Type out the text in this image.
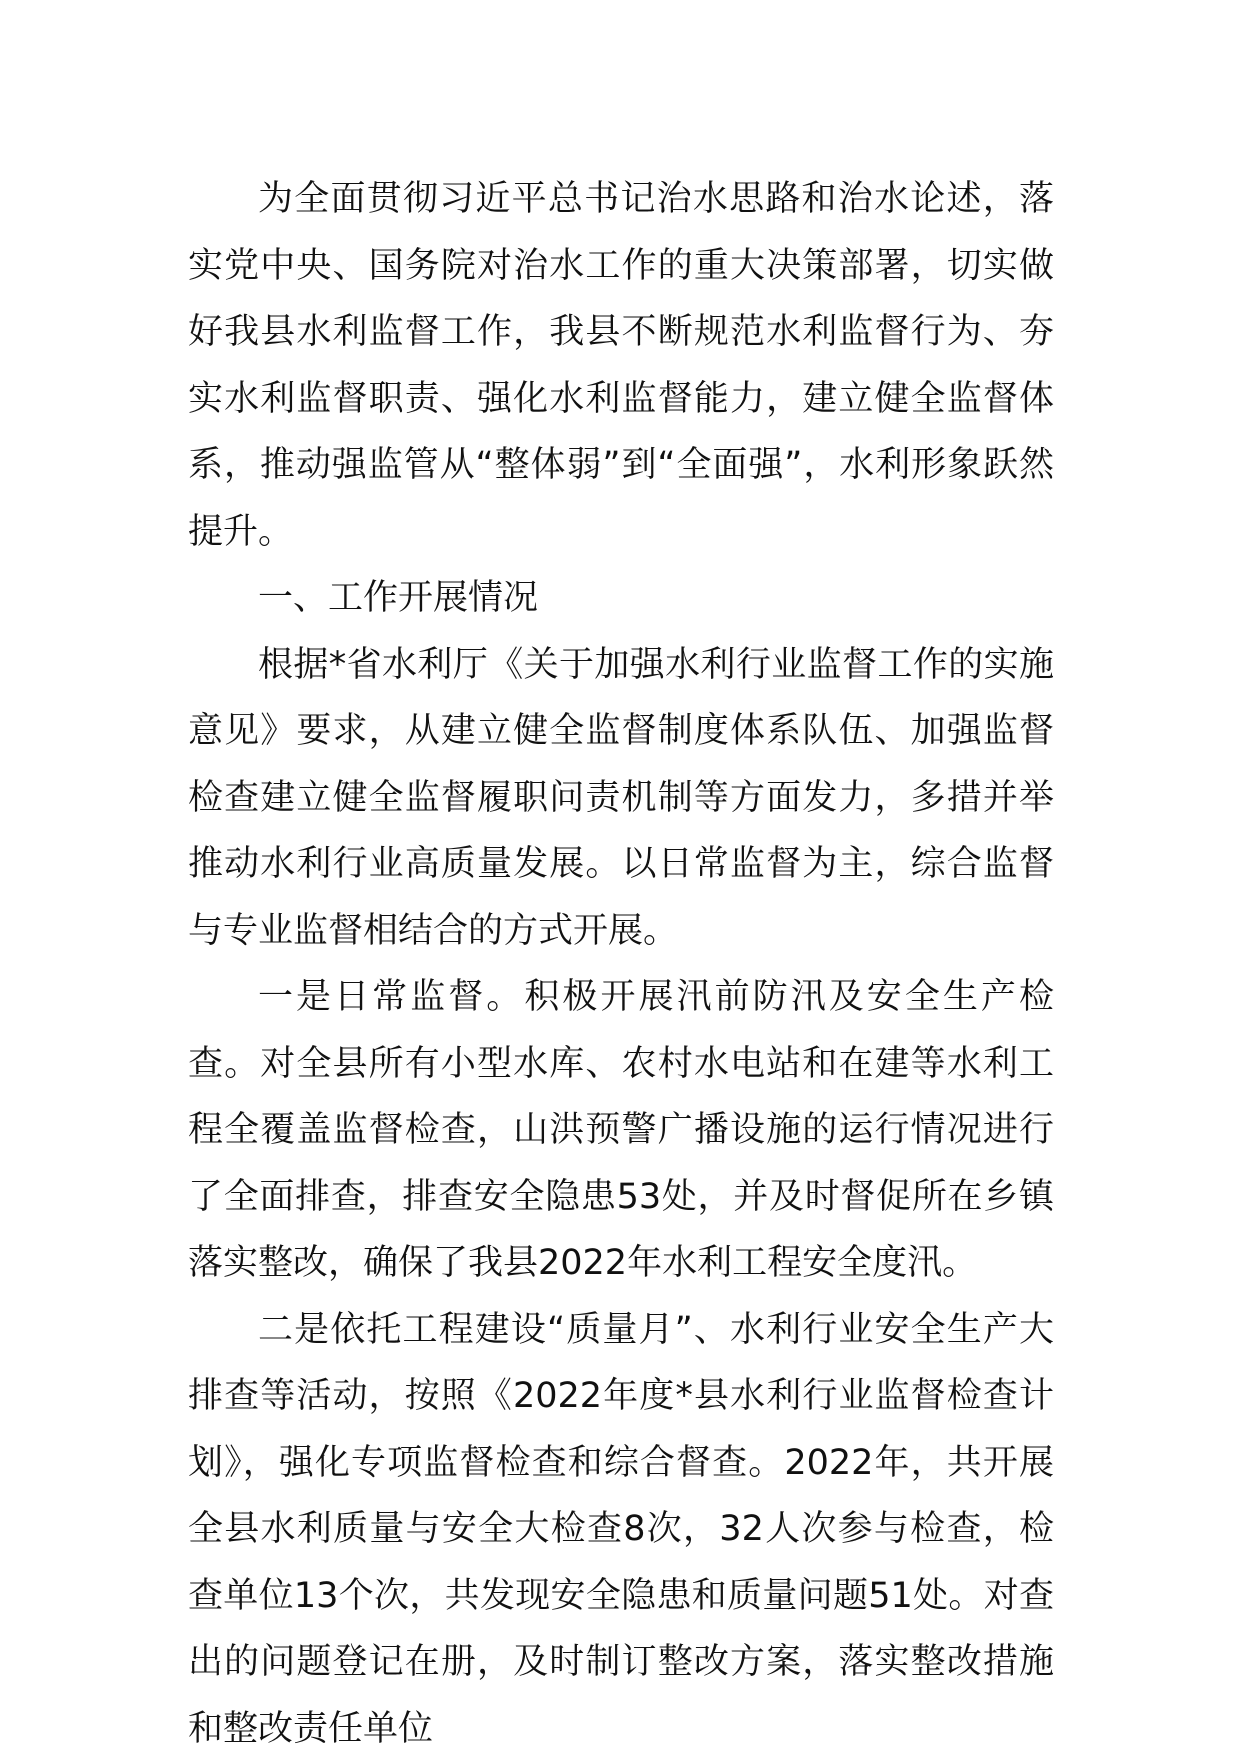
为全面贯彻习近平总书记治水思路和治水论述，落实党中央、国务院对治水工作的重大决策部署，切实做好我县水利监督工作，我县不断规范水利监督行为、夯实水利监督职责、强化水利监督能力，建立健全监督体系，推动强监管从“整体弱”到“全面强”，水利形象跃然提升。

一、工作开展情况

根据*省水利厅《关于加强水利行业监督工作的实施意见》要求，从建立健全监督制度体系队伍、加强监督检查建立健全监督履职问责机制等方面发力，多措并举推动水利行业高质量发展。以日常监督为主，综合监督与专业监督相结合的方式开展。

一是日常监督。积极开展汛前防汛及安全生产检查。对全县所有小型水库、农村水电站和在建等水利工程全覆盖监督检查，山洪预警广播设施的运行情况进行了全面排查，排查安全隐患53处，并及时督促所在乡镇落实整改，确保了我县2022年水利工程安全度汛。

二是依托工程建设“质量月”、水利行业安全生产大排查等活动，按照《2022年度*县水利行业监督检查计划》，强化专项监督检查和综合督查。2022年，共开展全县水利质量与安全大检查8次，32人次参与检查，检查单位13个次，共发现安全隐患和质量问题51处。对查出的问题登记在册，及时制订整改方案，落实整改措施和整改责任单位
